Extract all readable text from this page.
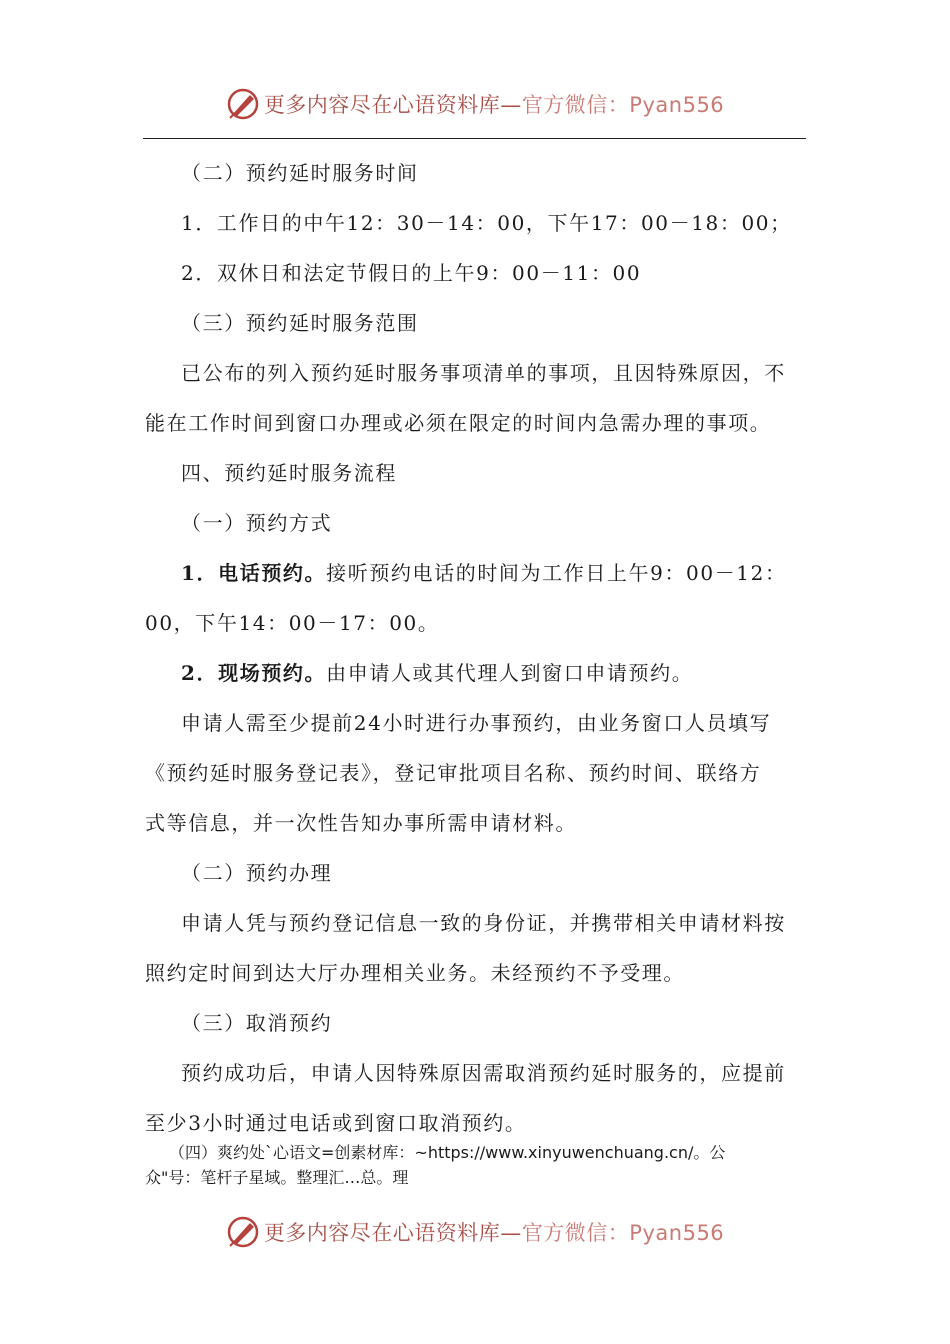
更多内容尽在心语资料库—官方微信：Pyan556

（二）预约延时服务时间

1．工作日的中午12：30－14：00，下午17：00－18：00；

2．双休日和法定节假日的上午9：00－11：00

（三）预约延时服务范围

已公布的列入预约延时服务事项清单的事项，且因特殊原因，不

能在工作时间到窗口办理或必须在限定的时间内急需办理的事项。

四、预约延时服务流程

（一）预约方式

1．电话预约。接听预约电话的时间为工作日上午9：00－12：

00，下午14：00－17：00。

2．现场预约。由申请人或其代理人到窗口申请预约。

申请人需至少提前24小时进行办事预约，由业务窗口人员填写

《预约延时服务登记表》，登记审批项目名称、预约时间、联络方

式等信息，并一次性告知办事所需申请材料。

（二）预约办理

申请人凭与预约登记信息一致的身份证，并携带相关申请材料按

照约定时间到达大厅办理相关业务。未经预约不予受理。

（三）取消预约

预约成功后，申请人因特殊原因需取消预约延时服务的，应提前

至少3小时通过电话或到窗口取消预约。

（四）爽约处`心语文=创素材库：~https://www.xinyuwenchuang.cn/。公
众"号：笔杆子星域。整理汇…总。理
更多内容尽在心语资料库—官方微信：Pyan556
